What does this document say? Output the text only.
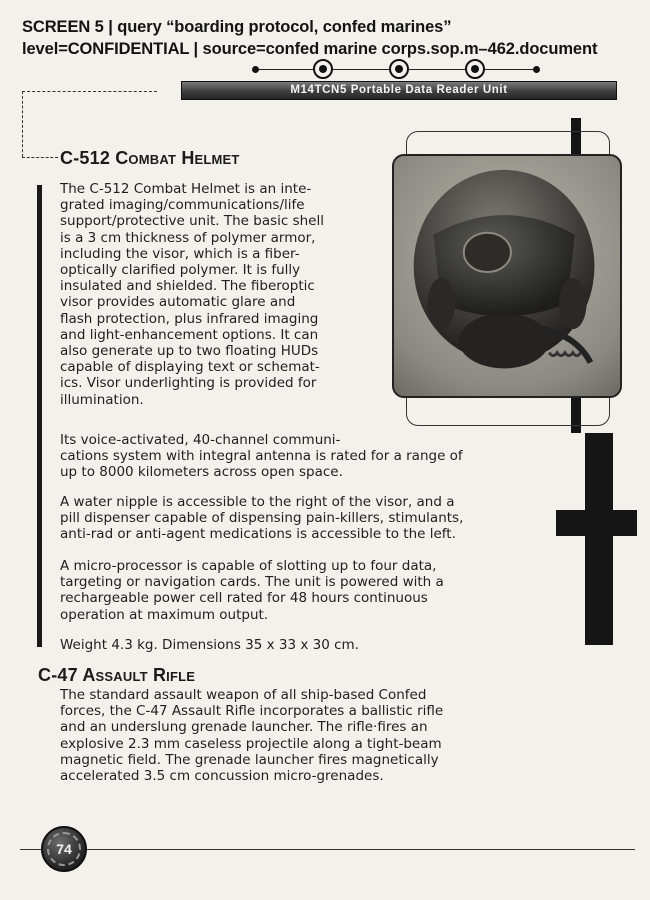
SCREEN 5 | query “boarding protocol, confed marines”

level=CONFIDENTIAL | source=confed marine corps.sop.m–462.document

M14TCN5 Portable Data Reader Unit
C-512 Combat Helmet

The C-512 Combat Helmet is an inte-
grated imaging/communications/life
support/protective unit. The basic shell
is a 3 cm thickness of polymer armor,
including the visor, which is a fiber-
optically clarified polymer. It is fully
insulated and shielded. The fiberoptic
visor provides automatic glare and
flash protection, plus infrared imaging
and light-enhancement options. It can
also generate up to two floating HUDs
capable of displaying text or schemat-
ics. Visor underlighting is provided for
illumination.

Its voice-activated, 40-channel communi-
cations system with integral antenna is rated for a range of
up to 8000 kilometers across open space.

A water nipple is accessible to the right of the visor, and a
pill dispenser capable of dispensing pain-killers, stimulants,
anti-rad or anti-agent medications is accessible to the left.

A micro-processor is capable of slotting up to four data,
targeting or navigation cards. The unit is powered with a
rechargeable power cell rated for 48 hours continuous
operation at maximum output.

Weight 4.3 kg. Dimensions 35 x 33 x 30 cm.

C-47 Assault Rifle

The standard assault weapon of all ship-based Confed
forces, the C-47 Assault Rifle incorporates a ballistic rifle
and an underslung grenade launcher. The rifle·fires an
explosive 2.3 mm caseless projectile along a tight-beam
magnetic field. The grenade launcher fires magnetically
accelerated 3.5 cm concussion micro-grenades.

74
